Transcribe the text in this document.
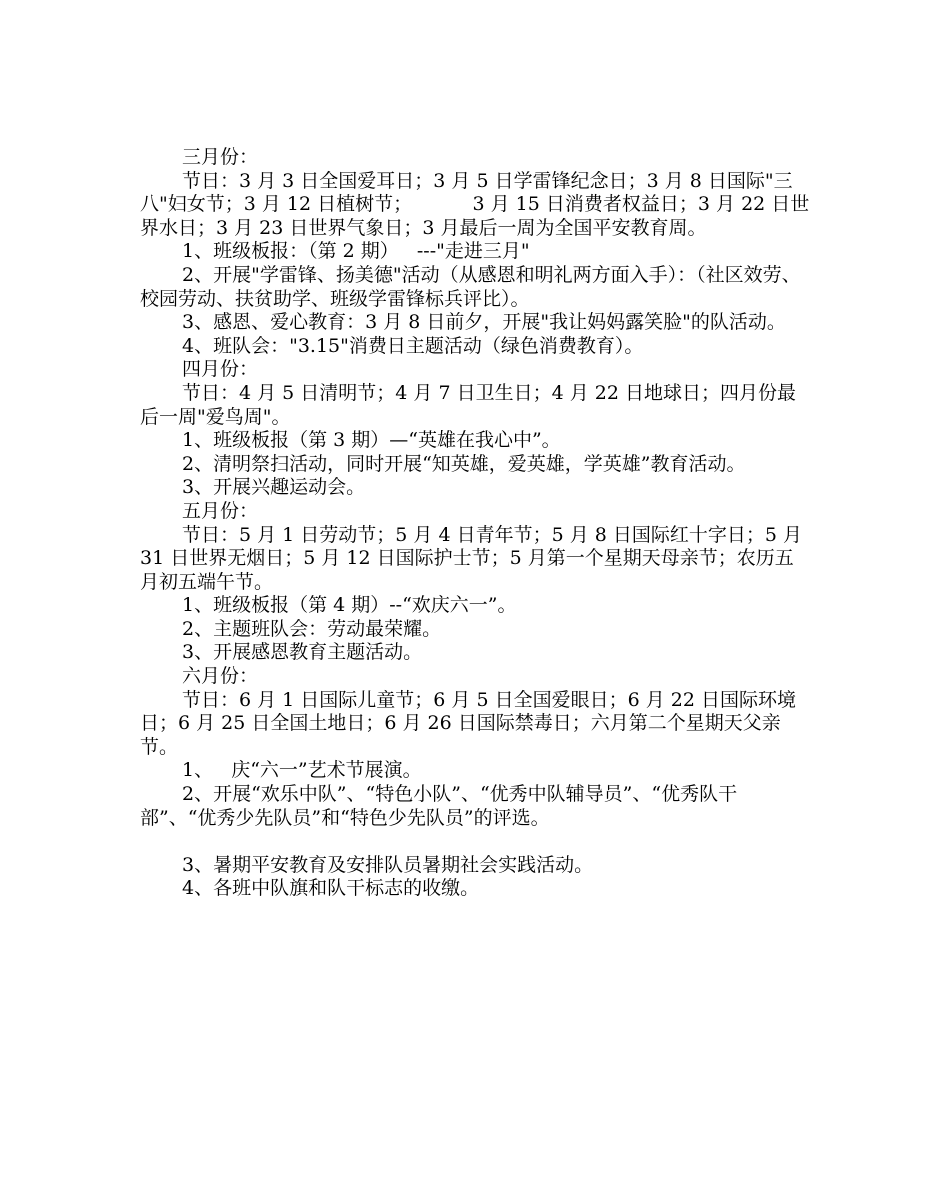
三月份：

节日：3 月 3 日全国爱耳日；3 月 5 日学雷锋纪念日；3 月 8 日国际"三八"妇女节；3 月 12 日植树节；          3 月 15 日消费者权益日；3 月 22 日世界水日；3 月 23 日世界气象日；3 月最后一周为全国平安教育周。

1、班级板报：（第 2 期）   ---"走进三月"

2、开展"学雷锋、扬美德"活动（从感恩和明礼两方面入手）：（社区效劳、校园劳动、扶贫助学、班级学雷锋标兵评比）。

3、感恩、爱心教育：3 月 8 日前夕，开展"我让妈妈露笑脸"的队活动。

4、班队会："3.15"消费日主题活动（绿色消费教育）。

四月份：

节日：4 月 5 日清明节；4 月 7 日卫生日；4 月 22 日地球日；四月份最后一周"爱鸟周"。

1、班级板报（第 3 期）—“英雄在我心中”。

2、清明祭扫活动，同时开展“知英雄，爱英雄，学英雄”教育活动。

3、开展兴趣运动会。

五月份：

节日：5 月 1 日劳动节；5 月 4 日青年节；5 月 8 日国际红十字日；5 月 31 日世界无烟日；5 月 12 日国际护士节；5 月第一个星期天母亲节；农历五月初五端午节。

1、班级板报（第 4 期）--“欢庆六一”。

2、主题班队会：劳动最荣耀。

3、开展感恩教育主题活动。

六月份：

节日：6 月 1 日国际儿童节；6 月 5 日全国爱眼日；6 月 22 日国际环境日；6 月 25 日全国土地日；6 月 26 日国际禁毒日；六月第二个星期天父亲节。

1、   庆“六一”艺术节展演。

2、开展“欢乐中队”、“特色小队”、“优秀中队辅导员”、“优秀队干部”、“优秀少先队员”和“特色少先队员”的评选。

3、暑期平安教育及安排队员暑期社会实践活动。

4、各班中队旗和队干标志的收缴。
